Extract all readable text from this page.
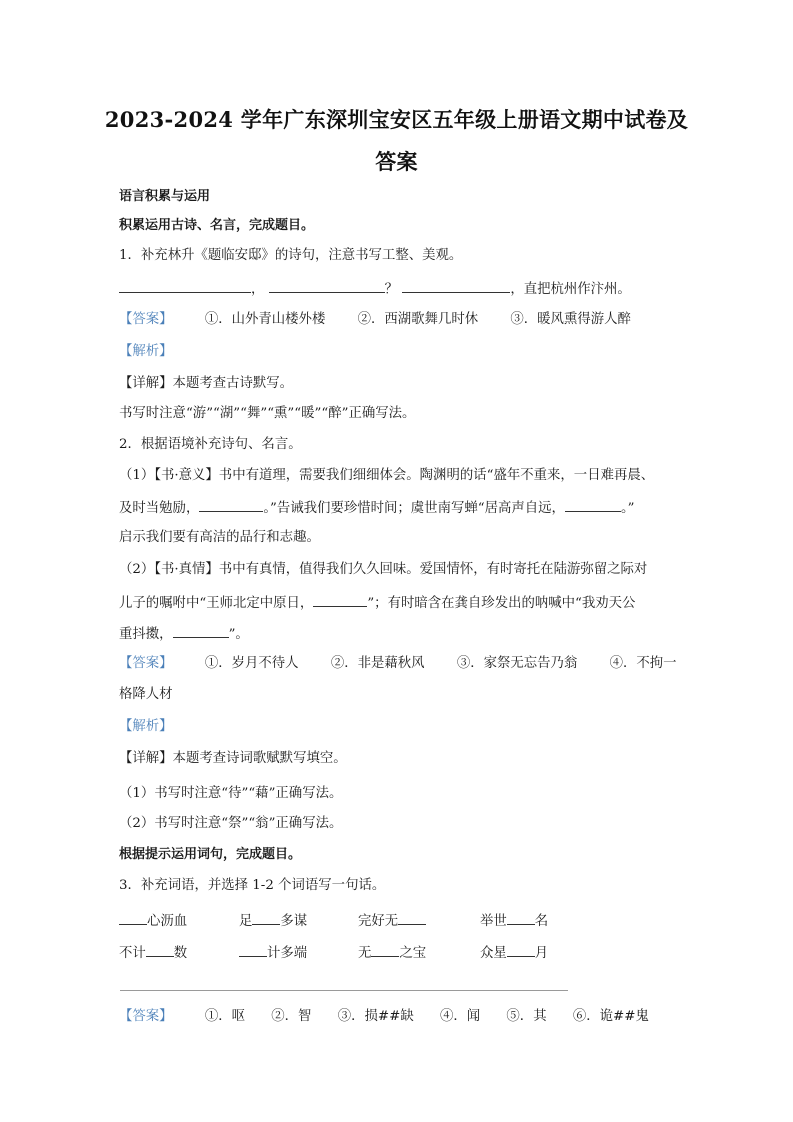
2023-2024 学年广东深圳宝安区五年级上册语文期中试卷及
答案
语言积累与运用
积累运用古诗、名言，完成题目。
1．补充林升《题临安邸》的诗句，注意书写工整、美观。
，	？	，直把杭州作汴州。
【答案】 ①．山外青山楼外楼 ②．西湖歌舞几时休 ③．暖风熏得游人醉
【解析】
【详解】本题考查古诗默写。
书写时注意“游”“湖”“舞”“熏”“暖”“醉”正确写法。
2．根据语境补充诗句、名言。
（1）【书·意义】书中有道理，需要我们细细体会。陶渊明的话“盛年不重来，一日难再晨、
及时当勉励，	。”告诫我们要珍惜时间；虞世南写蝉“居高声自远，	。”
启示我们要有高洁的品行和志趣。
（2）【书·真情】书中有真情，值得我们久久回味。爱国情怀，有时寄托在陆游弥留之际对
儿子的嘱咐中“王师北定中原日，	”；有时暗含在龚自珍发出的呐喊中“我劝天公
重抖擞，	”。
【答案】 ①．岁月不待人 ②．非是藉秋风 ③．家祭无忘告乃翁 ④．不拘一
格降人材
【解析】
【详解】本题考查诗词歌赋默写填空。
（1）书写时注意“待”“藉”正确写法。
（2）书写时注意“祭”“翁”正确写法。
根据提示运用词句，完成题目。
3．补充词语，并选择 1-2 个词语写一句话。
心沥血	足 多谋	完好无	举世 名
不计 数	计多端	无 之宝	众星 月
【答案】 ①．呕 ②．智 ③．损##缺 ④．闻 ⑤．其 ⑥．诡##鬼
